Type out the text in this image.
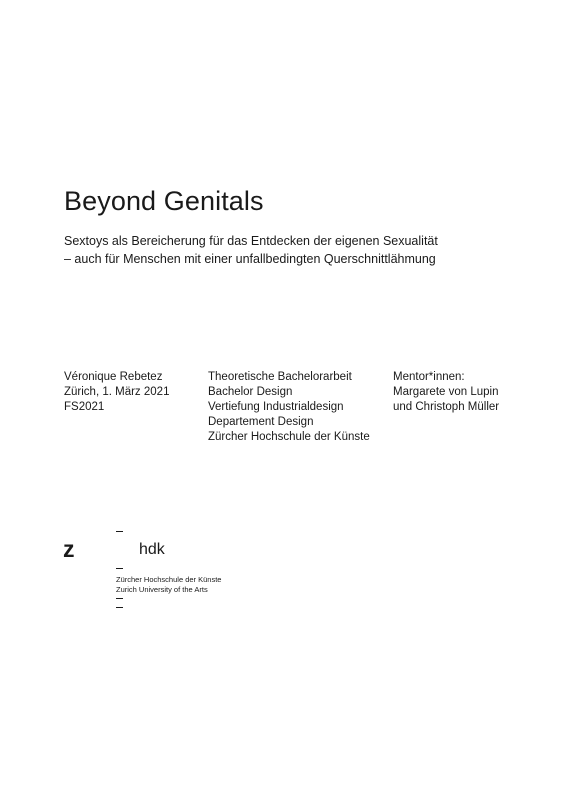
Beyond Genitals
Sextoys als Bereicherung für das Entdecken der eigenen Sexualität
– auch für Menschen mit einer unfallbedingten Querschnittlähmung
Véronique Rebetez
Zürich, 1. März 2021
FS2021
Theoretische Bachelorarbeit
Bachelor Design
Vertiefung Industrialdesign
Departement Design
Zürcher Hochschule der Künste
Mentor*innen:
Margarete von Lupin
und Christoph Müller
z	hdk
Zürcher Hochschule der Künste
Zurich University of the Arts
